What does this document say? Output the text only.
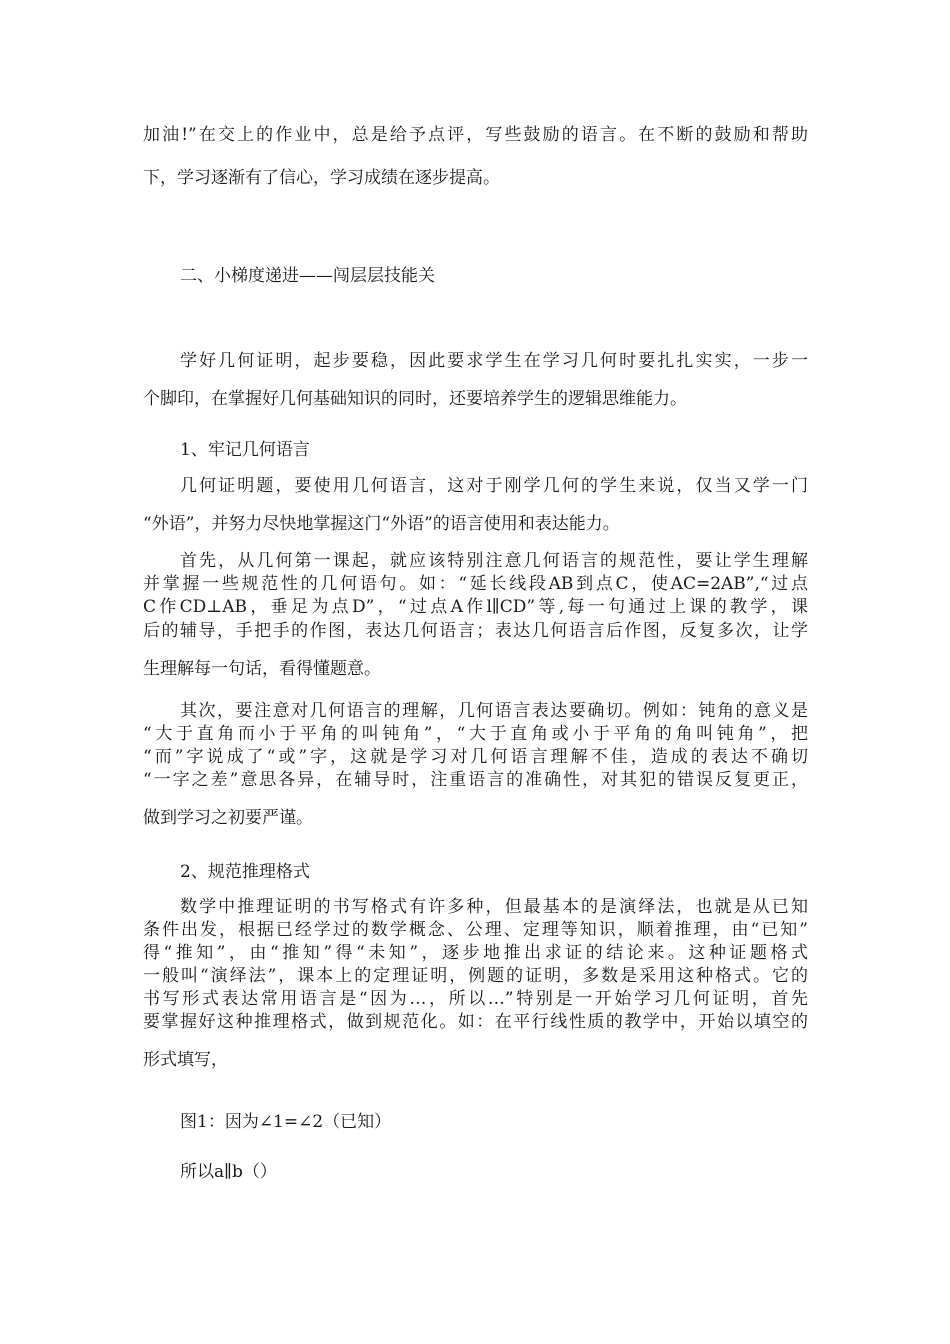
加油!”在交上的作业中，总是给予点评，写些鼓励的语言。在不断的鼓励和帮助
下，学习逐渐有了信心，学习成绩在逐步提高。
二、小梯度递进——闯层层技能关
学好几何证明，起步要稳，因此要求学生在学习几何时要扎扎实实，一步一
个脚印，在掌握好几何基础知识的同时，还要培养学生的逻辑思维能力。
1、牢记几何语言
几何证明题，要使用几何语言，这对于刚学几何的学生来说，仅当又学一门
“外语”，并努力尽快地掌握这门“外语”的语言使用和表达能力。
首先，从几何第一课起，就应该特别注意几何语言的规范性，要让学生理解
并掌握一些规范性的几何语句。如：“延长线段AB到点C，使AC=2AB”,“过点
C作CD⊥AB，垂足为点D”，“过点A作l∥CD”等,每一句通过上课的教学，课
后的辅导，手把手的作图，表达几何语言；表达几何语言后作图，反复多次，让学
生理解每一句话，看得懂题意。
其次，要注意对几何语言的理解，几何语言表达要确切。例如：钝角的意义是
“大于直角而小于平角的叫钝角”，“大于直角或小于平角的角叫钝角”，把
“而”字说成了“或”字，这就是学习对几何语言理解不佳，造成的表达不确切
“一字之差”意思各异，在辅导时，注重语言的准确性，对其犯的错误反复更正，
做到学习之初要严谨。
2、规范推理格式
数学中推理证明的书写格式有许多种，但最基本的是演绎法，也就是从已知
条件出发，根据已经学过的数学概念、公理、定理等知识，顺着推理，由“已知”
得“推知”，由“推知”得“未知”，逐步地推出求证的结论来。这种证题格式
一般叫“演绎法”，课本上的定理证明，例题的证明，多数是采用这种格式。它的
书写形式表达常用语言是“因为…，所以…”特别是一开始学习几何证明，首先
要掌握好这种推理格式，做到规范化。如：在平行线性质的教学中，开始以填空的
形式填写，
图1：因为∠1=∠2（已知）
所以a∥b（）
